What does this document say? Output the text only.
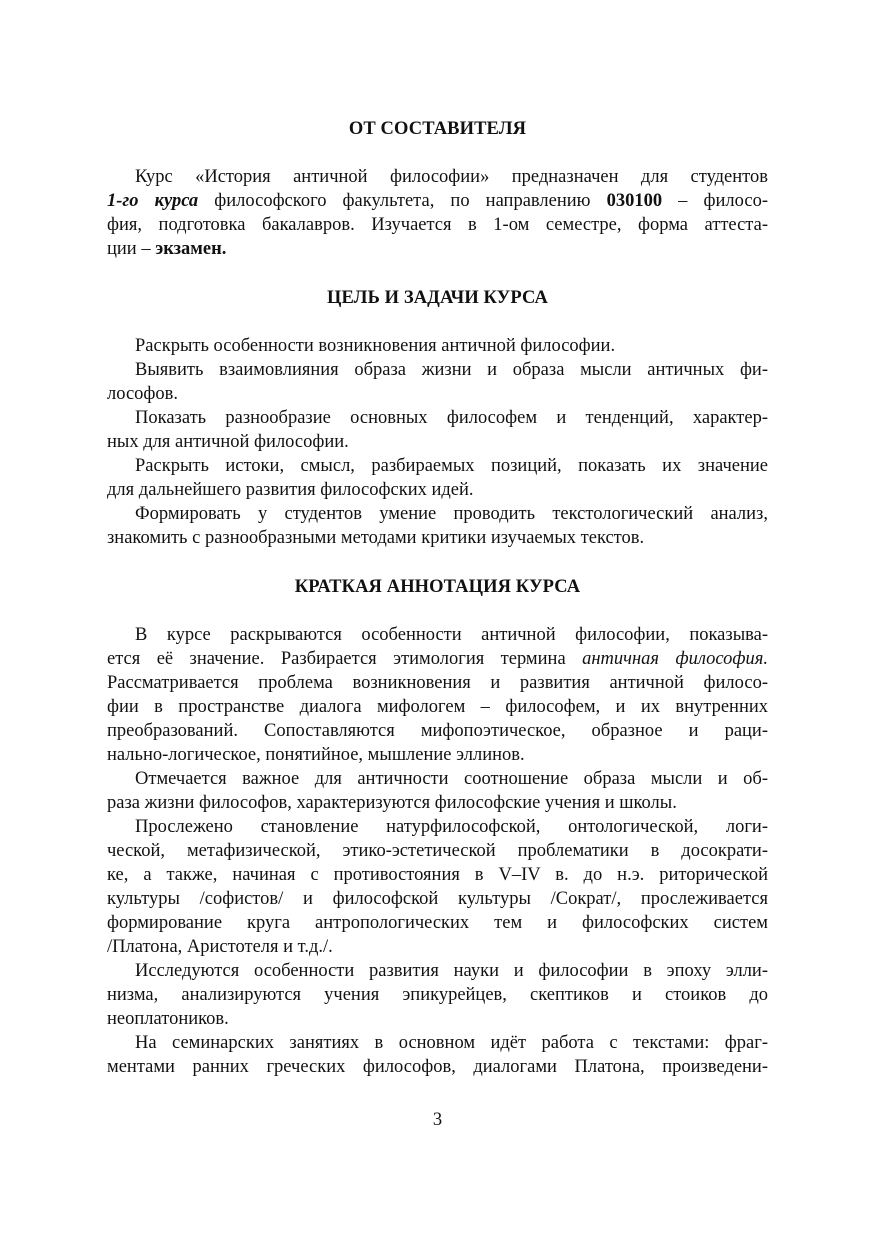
ОТ СОСТАВИТЕЛЯ
Курс «История античной философии» предназначен для студентов
1-го курса философского факультета, по направлению 030100 – филосо-
фия, подготовка бакалавров. Изучается в 1-ом семестре, форма аттеста-
ции – экзамен.
ЦЕЛЬ И ЗАДАЧИ КУРСА
Раскрыть особенности возникновения античной философии.
Выявить взаимовлияния образа жизни и образа мысли античных фи-
лософов.
Показать разнообразие основных философем и тенденций, характер-
ных для античной философии.
Раскрыть истоки, смысл, разбираемых позиций, показать их значение
для дальнейшего развития философских идей.
Формировать у студентов умение проводить текстологический анализ,
знакомить с разнообразными методами критики изучаемых текстов.
КРАТКАЯ АННОТАЦИЯ КУРСА
В курсе раскрываются особенности античной философии, показыва-
ется её значение. Разбирается этимология термина античная философия.
Рассматривается проблема возникновения и развития античной филосо-
фии в пространстве диалога мифологем – философем, и их внутренних
преобразований. Сопоставляются мифопоэтическое, образное и раци-
нально-логическое, понятийное, мышление эллинов.
Отмечается важное для античности соотношение образа мысли и об-
раза жизни философов, характеризуются философские учения и школы.
Прослежено становление натурфилософской, онтологической, логи-
ческой, метафизической, этико-эстетической проблематики в досократи-
ке, а также, начиная с противостояния в V–IV в. до н.э. риторической
культуры /софистов/ и философской культуры /Сократ/, прослеживается
формирование круга антропологических тем и философских систем
/Платона, Аристотеля и т.д./.
Исследуются особенности развития науки и философии в эпоху элли-
низма, анализируются учения эпикурейцев, скептиков и стоиков до
неоплатоников.
На семинарских занятиях в основном идёт работа с текстами: фраг-
ментами ранних греческих философов, диалогами Платона, произведени-
3
